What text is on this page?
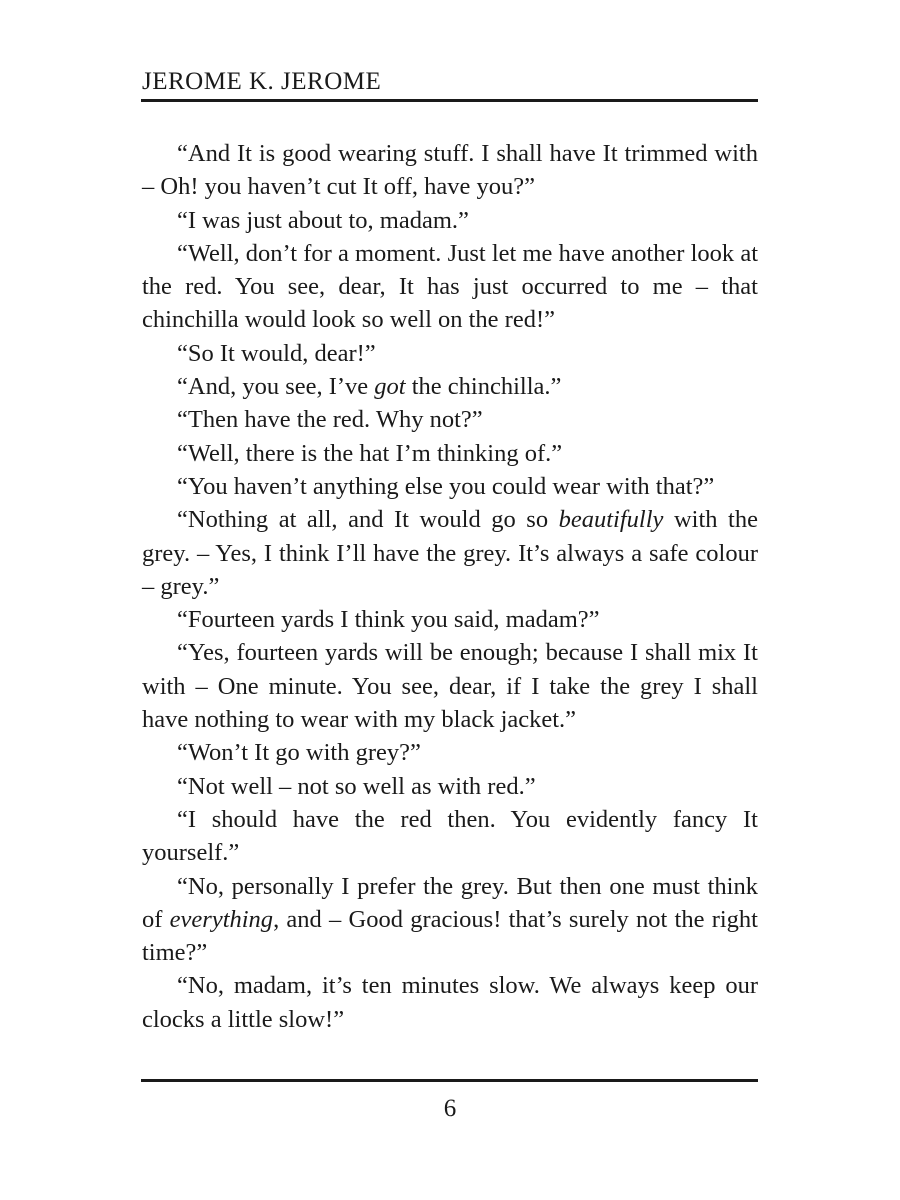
JEROME K. JEROME

“And It is good wearing stuff. I shall have It trimmed with – Oh! you haven’t cut It off, have you?”

“I was just about to, madam.”

“Well, don’t for a moment. Just let me have another look at the red. You see, dear, It has just occurred to me – that chinchilla would look so well on the red!”

“So It would, dear!”

“And, you see, I’ve got the chinchilla.”

“Then have the red. Why not?”

“Well, there is the hat I’m thinking of.”

“You haven’t anything else you could wear with that?”

“Nothing at all, and It would go so beautifully with the grey. – Yes, I think I’ll have the grey. It’s always a safe colour – grey.”

“Fourteen yards I think you said, madam?”

“Yes, fourteen yards will be enough; because I shall mix It with – One minute. You see, dear, if I take the grey I shall have nothing to wear with my black jacket.”

“Won’t It go with grey?”

“Not well – not so well as with red.”

“I should have the red then. You evidently fancy It yourself.”

“No, personally I prefer the grey. But then one must think of everything, and – Good gracious! that’s surely not the right time?”

“No, madam, it’s ten minutes slow. We always keep our clocks a little slow!”

6
